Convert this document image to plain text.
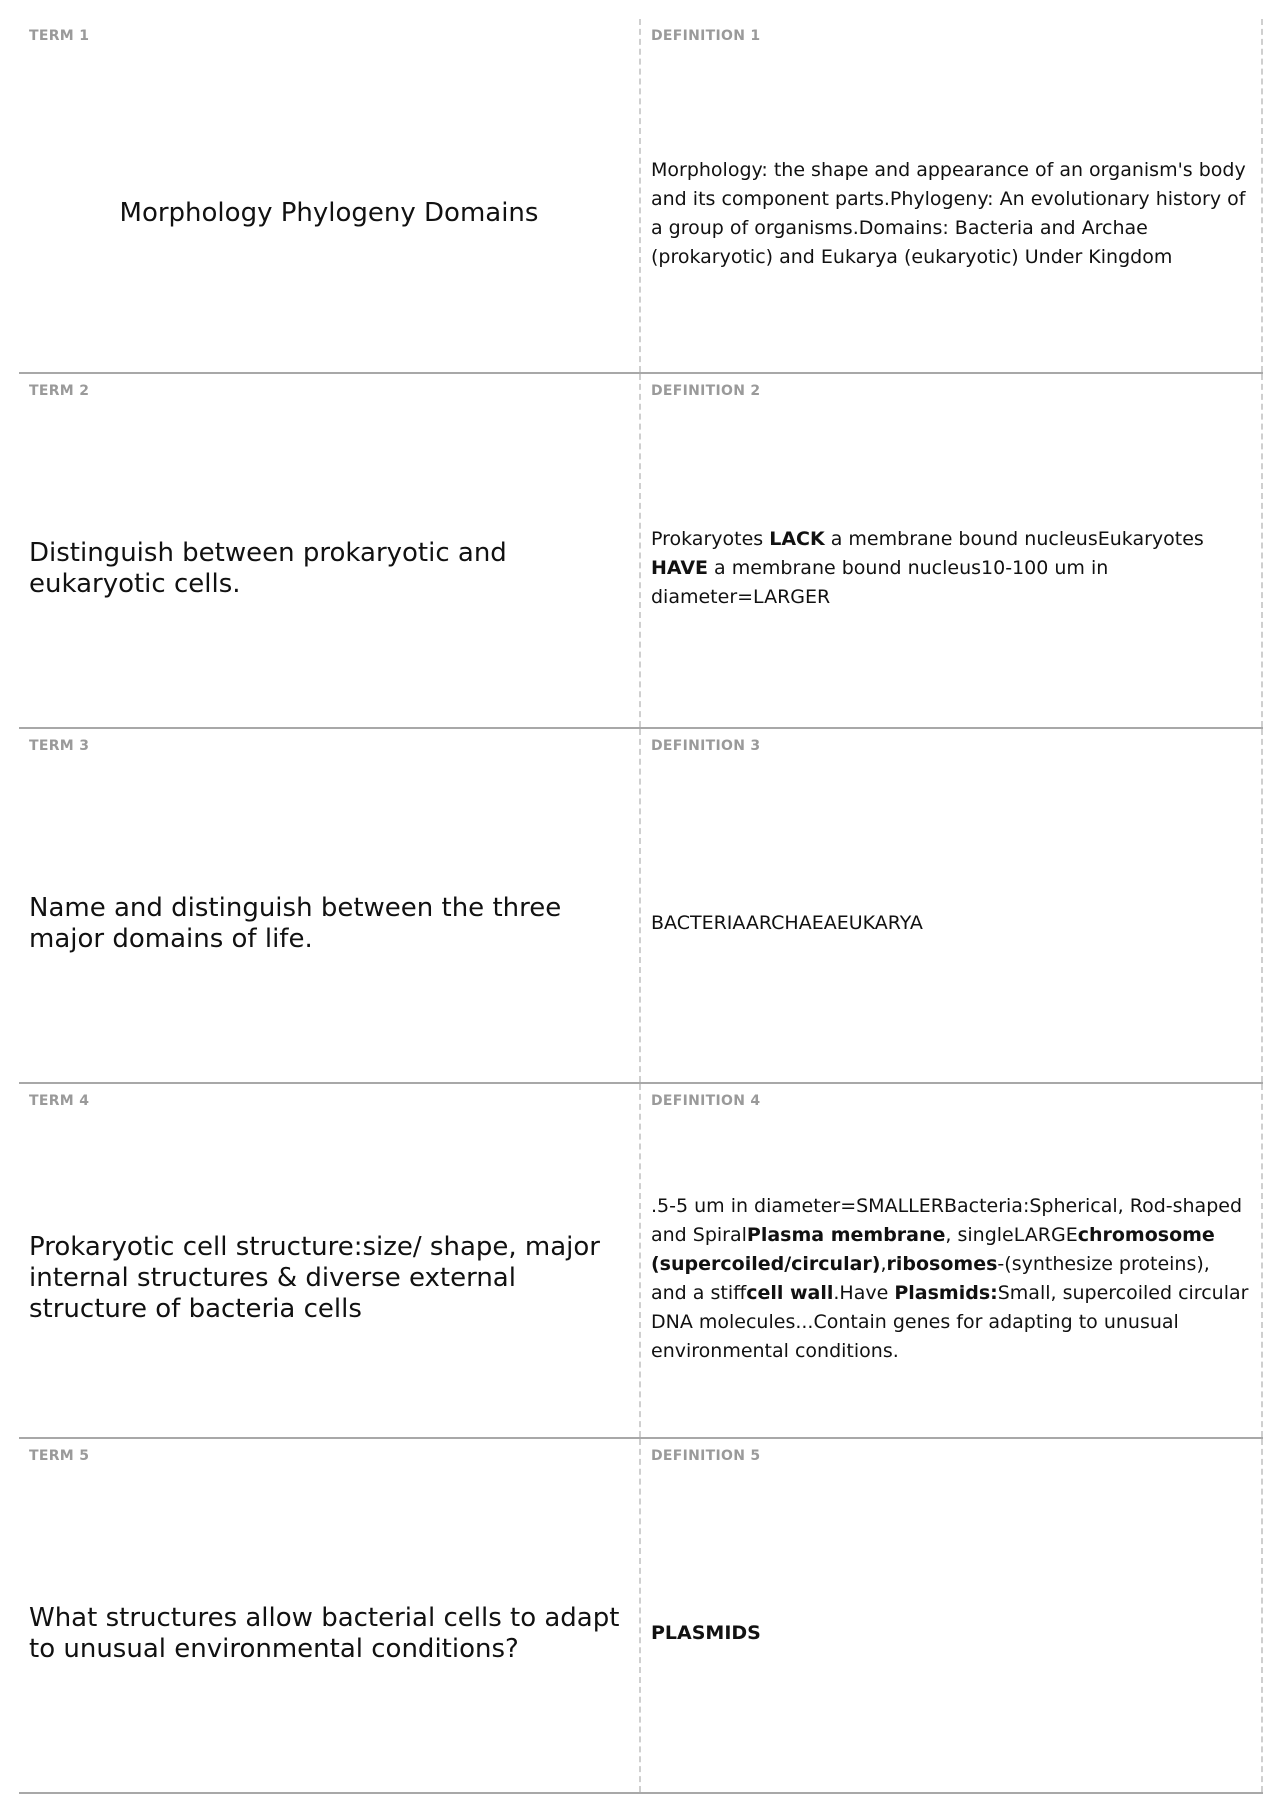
TERM 1
Morphology Phylogeny Domains
DEFINITION 1
Morphology: the shape and appearance of an organism's body and its component parts.Phylogeny: An evolutionary history of a group of organisms.Domains: Bacteria and Archae (prokaryotic) and Eukarya (eukaryotic) Under Kingdom
TERM 2
Distinguish between prokaryotic and eukaryotic cells.
DEFINITION 2
Prokaryotes LACK a membrane bound nucleusEukaryotes HAVE a membrane bound nucleus10-100 um in diameter=LARGER
TERM 3
Name and distinguish between the three major domains of life.
DEFINITION 3
BACTERIAARCHAEAEUKARYA
TERM 4
Prokaryotic cell structure:size/ shape, major internal structures & diverse external structure of bacteria cells
DEFINITION 4
.5-5 um in diameter=SMALLERBacteria:Spherical, Rod-shaped and SpiralPlasma membrane, singleLARGEchromosome (supercoiled/circular),ribosomes-(synthesize proteins), and a stiffcell wall.Have Plasmids:Small, supercoiled circular DNA molecules...Contain genes for adapting to unusual environmental conditions.
TERM 5
What structures allow bacterial cells to adapt to unusual environmental conditions?
DEFINITION 5
PLASMIDS
